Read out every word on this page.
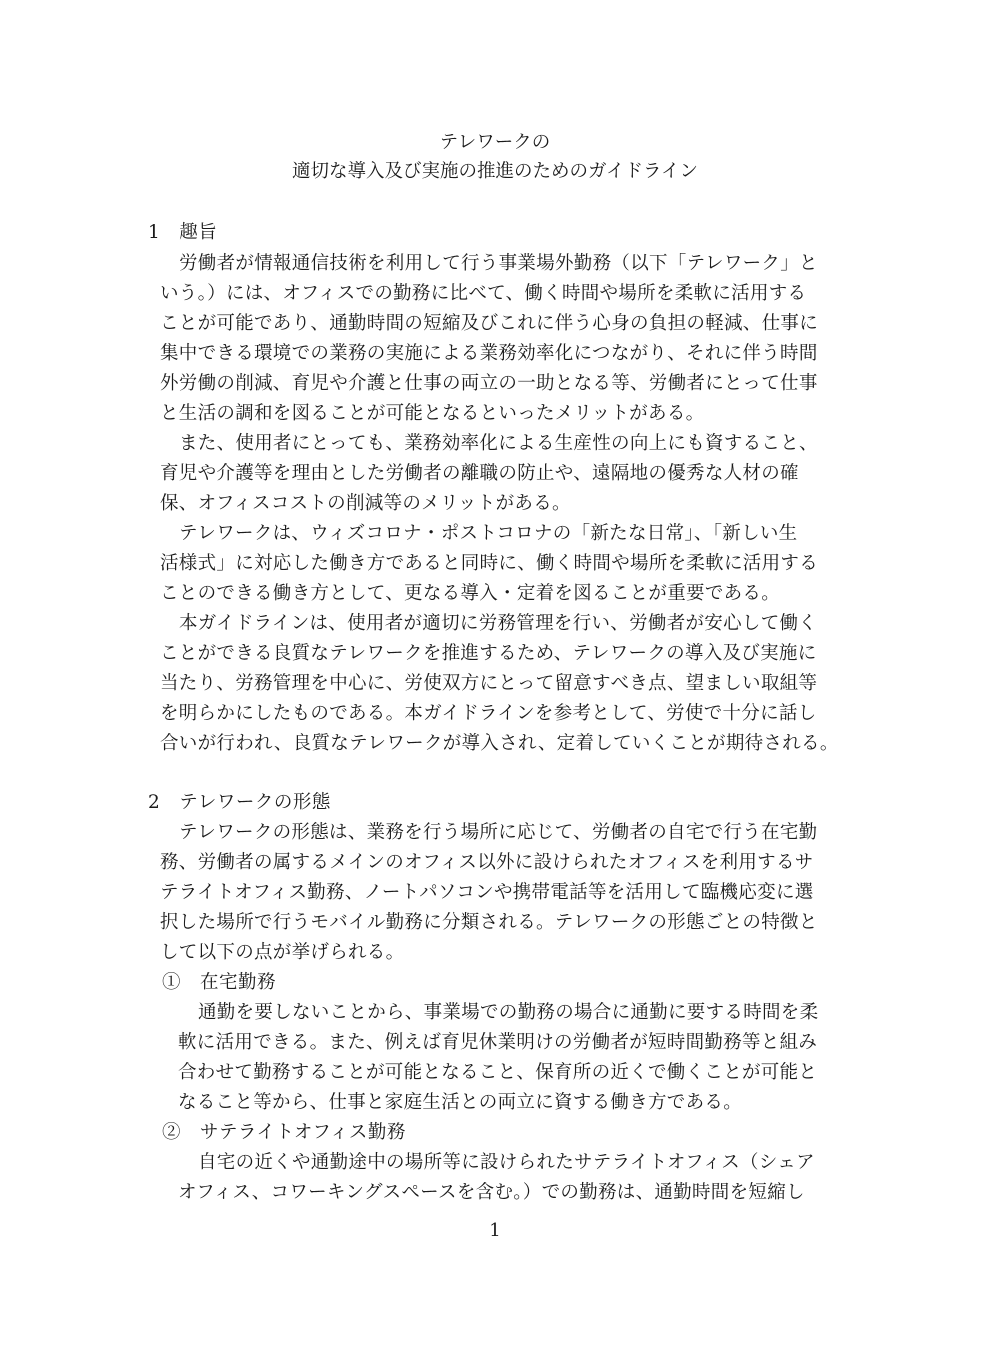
テレワークの
適切な導入及び実施の推進のためのガイドライン
1　趣旨
労働者が情報通信技術を利用して行う事業場外勤務（以下「テレワーク」と
いう。）には、オフィスでの勤務に比べて、働く時間や場所を柔軟に活用する
ことが可能であり、通勤時間の短縮及びこれに伴う心身の負担の軽減、仕事に
集中できる環境での業務の実施による業務効率化につながり、それに伴う時間
外労働の削減、育児や介護と仕事の両立の一助となる等、労働者にとって仕事
と生活の調和を図ることが可能となるといったメリットがある。
また、使用者にとっても、業務効率化による生産性の向上にも資すること、
育児や介護等を理由とした労働者の離職の防止や、遠隔地の優秀な人材の確
保、オフィスコストの削減等のメリットがある。
テレワークは、ウィズコロナ・ポストコロナの「新たな日常」、「新しい生
活様式」に対応した働き方であると同時に、働く時間や場所を柔軟に活用する
ことのできる働き方として、更なる導入・定着を図ることが重要である。
本ガイドラインは、使用者が適切に労務管理を行い、労働者が安心して働く
ことができる良質なテレワークを推進するため、テレワークの導入及び実施に
当たり、労務管理を中心に、労使双方にとって留意すべき点、望ましい取組等
を明らかにしたものである。本ガイドラインを参考として、労使で十分に話し
合いが行われ、良質なテレワークが導入され、定着していくことが期待される。
2　テレワークの形態
テレワークの形態は、業務を行う場所に応じて、労働者の自宅で行う在宅勤
務、労働者の属するメインのオフィス以外に設けられたオフィスを利用するサ
テライトオフィス勤務、ノートパソコンや携帯電話等を活用して臨機応変に選
択した場所で行うモバイル勤務に分類される。テレワークの形態ごとの特徴と
して以下の点が挙げられる。
①　在宅勤務
通勤を要しないことから、事業場での勤務の場合に通勤に要する時間を柔
軟に活用できる。また、例えば育児休業明けの労働者が短時間勤務等と組み
合わせて勤務することが可能となること、保育所の近くで働くことが可能と
なること等から、仕事と家庭生活との両立に資する働き方である。
②　サテライトオフィス勤務
自宅の近くや通勤途中の場所等に設けられたサテライトオフィス（シェア
オフィス、コワーキングスペースを含む。）での勤務は、通勤時間を短縮し
1
